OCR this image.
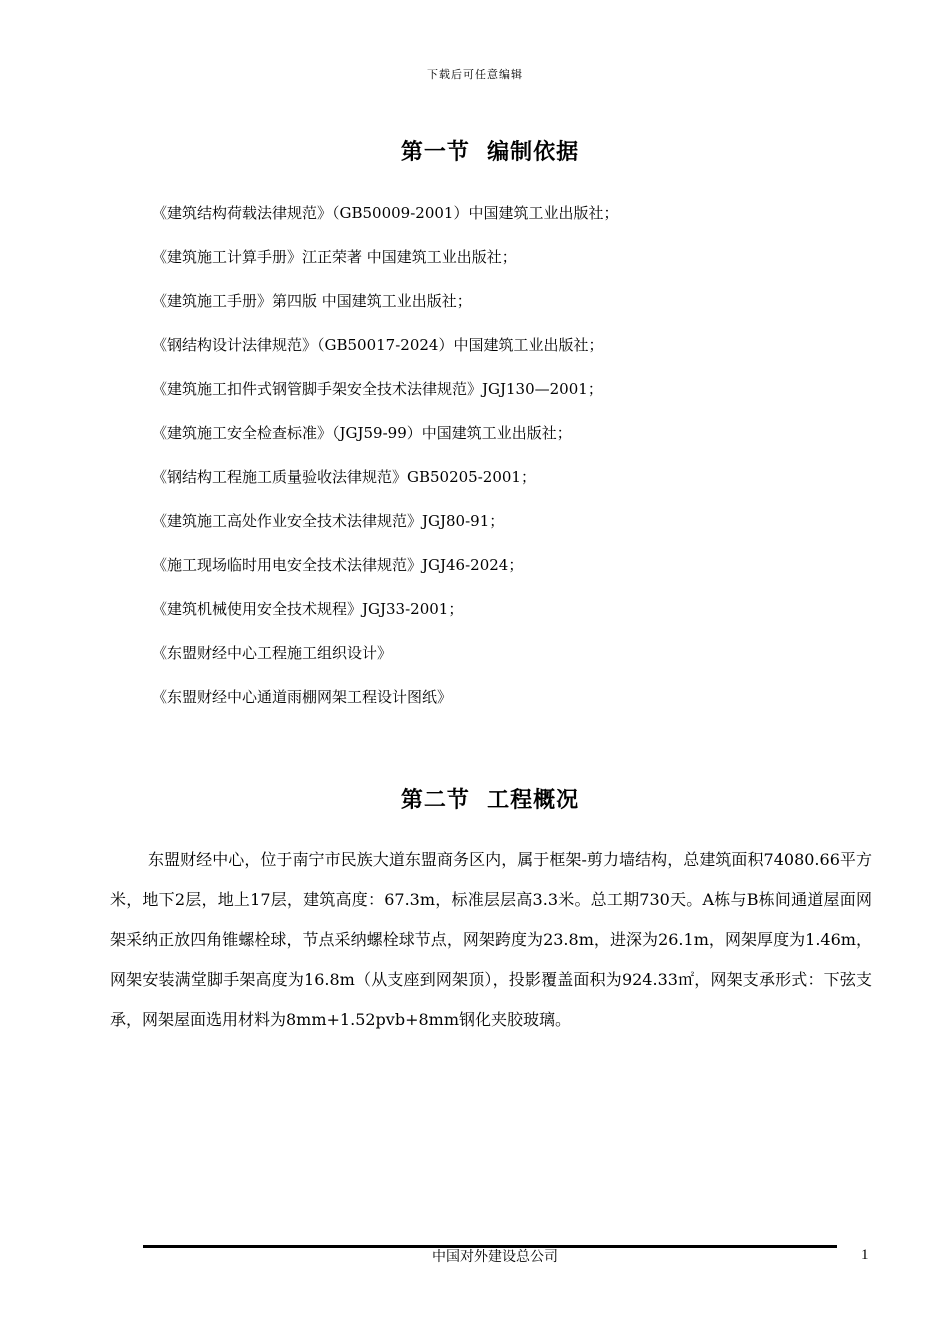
下载后可任意编辑
第一节  编制依据
《建筑结构荷载法律规范》（GB50009-2001）中国建筑工业出版社；
《建筑施工计算手册》江正荣著 中国建筑工业出版社；
《建筑施工手册》第四版 中国建筑工业出版社；
《钢结构设计法律规范》（GB50017-2024）中国建筑工业出版社；
《建筑施工扣件式钢管脚手架安全技术法律规范》JGJ130—2001；
《建筑施工安全检查标准》（JGJ59-99）中国建筑工业出版社；
《钢结构工程施工质量验收法律规范》GB50205-2001；
《建筑施工高处作业安全技术法律规范》JGJ80-91；
《施工现场临时用电安全技术法律规范》JGJ46-2024；
《建筑机械使用安全技术规程》JGJ33-2001；
《东盟财经中心工程施工组织设计》
《东盟财经中心通道雨棚网架工程设计图纸》
第二节  工程概况

东盟财经中心，位于南宁市民族大道东盟商务区内，属于框架-剪力墙结构，总建筑面积74080.66平方米，地下2层，地上17层，建筑高度：67.3m，标准层层高3.3米。总工期730天。A栋与B栋间通道屋面网架采纳正放四角锥螺栓球，节点采纳螺栓球节点，网架跨度为23.8m，进深为26.1m，网架厚度为1.46m，网架安装满堂脚手架高度为16.8m（从支座到网架顶），投影覆盖面积为924.33㎡，网架支承形式：下弦支承，网架屋面选用材料为8mm+1.52pvb+8mm钢化夹胶玻璃。

中国对外建设总公司	1
